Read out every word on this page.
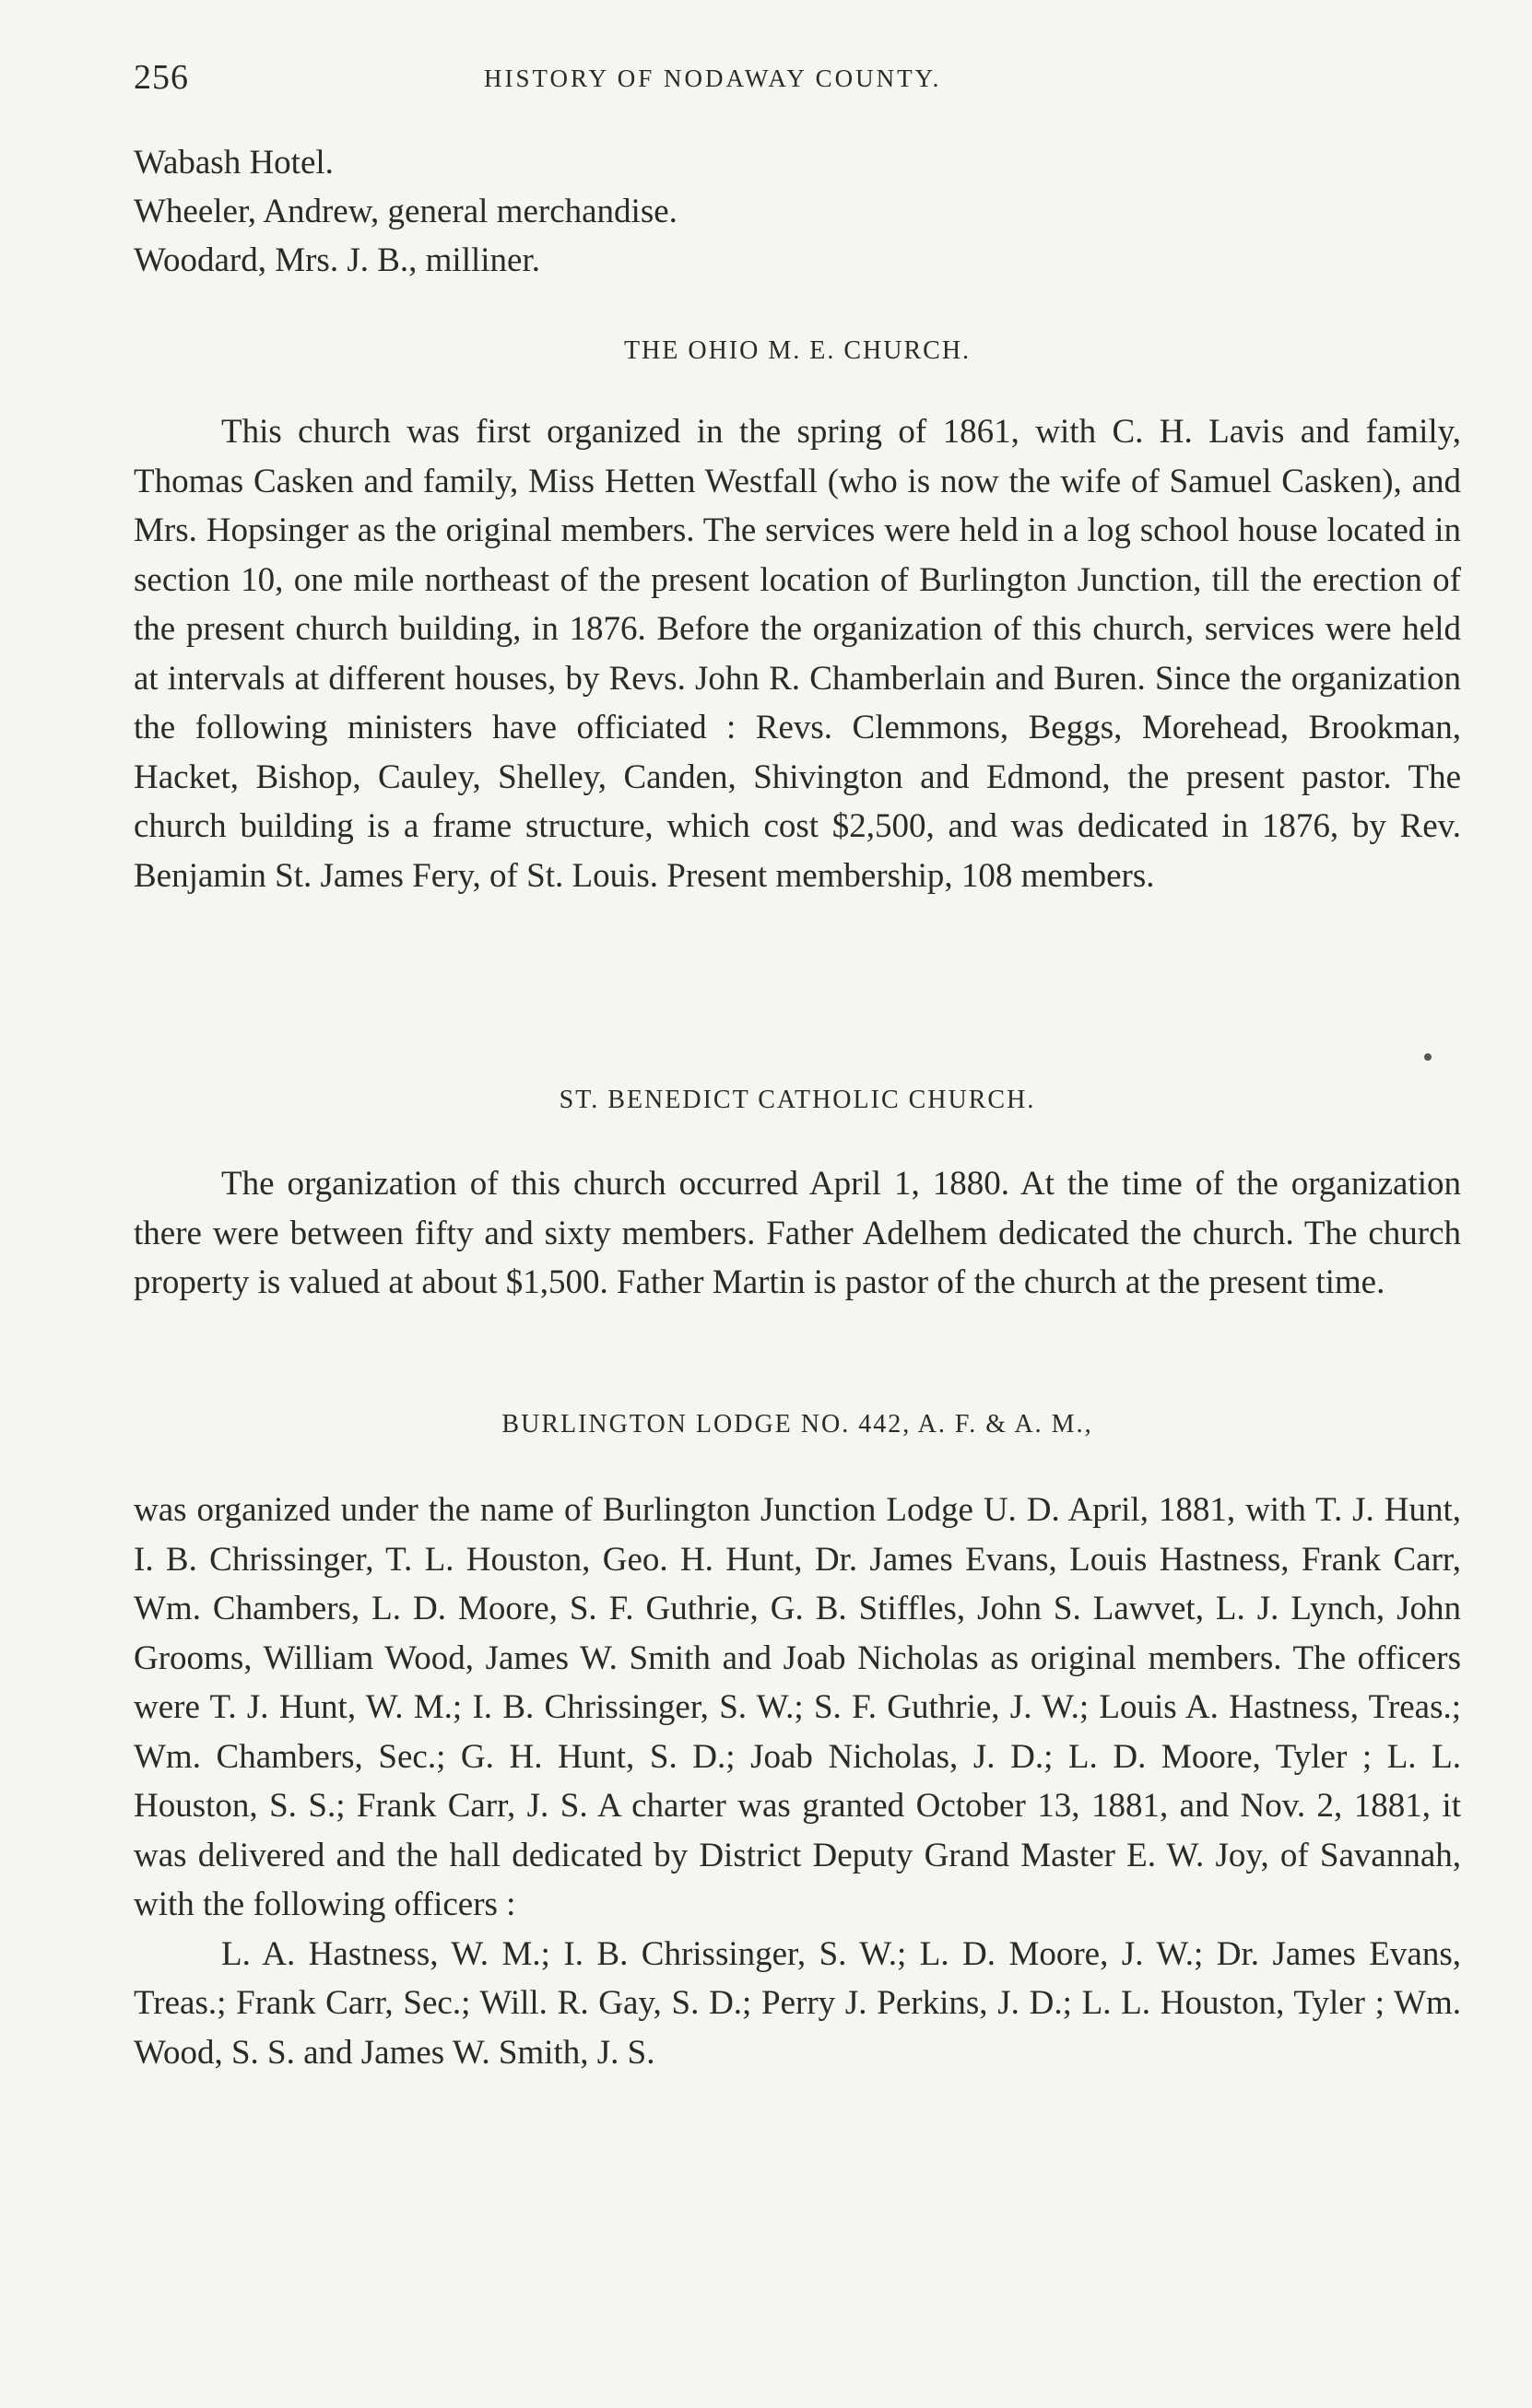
256	HISTORY OF NODAWAY COUNTY.

Wabash Hotel.

Wheeler, Andrew, general merchandise.

Woodard, Mrs. J. B., milliner.

THE OHIO M. E. CHURCH.

This church was first organized in the spring of 1861, with C. H. Lavis and family, Thomas Casken and family, Miss Hetten Westfall (who is now the wife of Samuel Casken), and Mrs. Hopsinger as the original members. The services were held in a log school house located in section 10, one mile northeast of the present location of Burlington Junction, till the erection of the present church building, in 1876. Before the organization of this church, services were held at intervals at different houses, by Revs. John R. Chamberlain and Buren. Since the organization the following ministers have officiated : Revs. Clemmons, Beggs, Morehead, Brookman, Hacket, Bishop, Cauley, Shelley, Canden, Shivington and Edmond, the present pastor. The church building is a frame structure, which cost $2,500, and was dedicated in 1876, by Rev. Benjamin St. James Fery, of St. Louis. Present membership, 108 members.

ST. BENEDICT CATHOLIC CHURCH.

The organization of this church occurred April 1, 1880. At the time of the organization there were between fifty and sixty members. Father Adelhem dedicated the church. The church property is valued at about $1,500. Father Martin is pastor of the church at the present time.

BURLINGTON LODGE NO. 442, A. F. & A. M.,

was organized under the name of Burlington Junction Lodge U. D. April, 1881, with T. J. Hunt, I. B. Chrissinger, T. L. Houston, Geo. H. Hunt, Dr. James Evans, Louis Hastness, Frank Carr, Wm. Chambers, L. D. Moore, S. F. Guthrie, G. B. Stiffles, John S. Lawvet, L. J. Lynch, John Grooms, William Wood, James W. Smith and Joab Nicholas as original members. The officers were T. J. Hunt, W. M.; I. B. Chrissinger, S. W.; S. F. Guthrie, J. W.; Louis A. Hastness, Treas.; Wm. Chambers, Sec.; G. H. Hunt, S. D.; Joab Nicholas, J. D.; L. D. Moore, Tyler ; L. L. Houston, S. S.; Frank Carr, J. S. A charter was granted October 13, 1881, and Nov. 2, 1881, it was delivered and the hall dedicated by District Deputy Grand Master E. W. Joy, of Savannah, with the following officers :

L. A. Hastness, W. M.; I. B. Chrissinger, S. W.; L. D. Moore, J. W.; Dr. James Evans, Treas.; Frank Carr, Sec.; Will. R. Gay, S. D.; Perry J. Perkins, J. D.; L. L. Houston, Tyler ; Wm. Wood, S. S. and James W. Smith, J. S.
